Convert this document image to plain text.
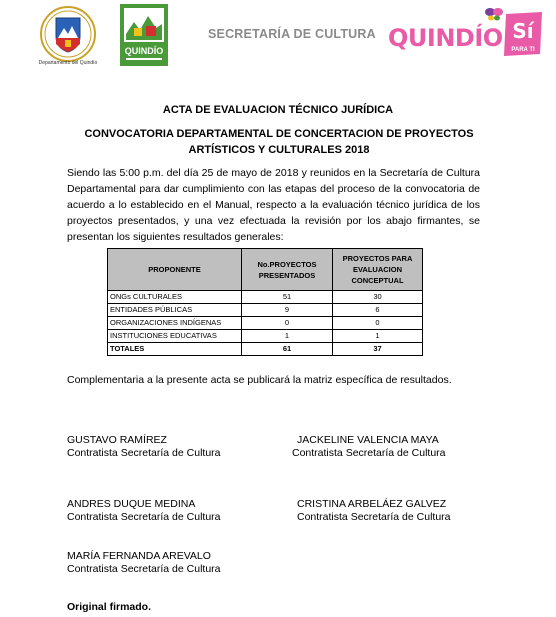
Departamento del Quindío
QUINDÍO
SECRETARÍA DE CULTURA QUINDÍO Sí
PARA TI
ACTA DE EVALUACION TÉCNICO JURÍDICA
CONVOCATORIA DEPARTAMENTAL DE CONCERTACION DE PROYECTOS ARTÍSTICOS Y CULTURALES 2018
Siendo las 5:00 p.m. del día 25 de mayo de 2018 y reunidos en la Secretaría de Cultura Departamental para dar cumplimiento con las etapas del proceso de la convocatoria de acuerdo a lo establecido en el Manual, respecto a la evaluación técnico jurídica de los proyectos presentados, y una vez efectuada la revisión por los abajo firmantes, se presentan los siguientes resultados generales:
PROPONENTE	No.PROYECTOS PRESENTADOS	PROYECTOS PARA EVALUACION CONCEPTUAL
ONGs CULTURALES	51	30
ENTIDADES PÚBLICAS	9	6
ORGANIZACIONES INDÍGENAS	0	0
INSTITUCIONES EDUCATIVAS	1	1
TOTALES	61	37
Complementaria a la presente acta se publicará la matriz específica de resultados.
GUSTAVO RAMÍREZ
Contratista Secretaría de Cultura
JACKELINE VALENCIA MAYA
Contratista Secretaría de Cultura
ANDRES DUQUE MEDINA
Contratista Secretaría de Cultura
CRISTINA ARBELÁEZ GALVEZ
Contratista Secretaría de Cultura
MARÍA FERNANDA AREVALO
Contratista Secretaría de Cultura
Original firmado.
